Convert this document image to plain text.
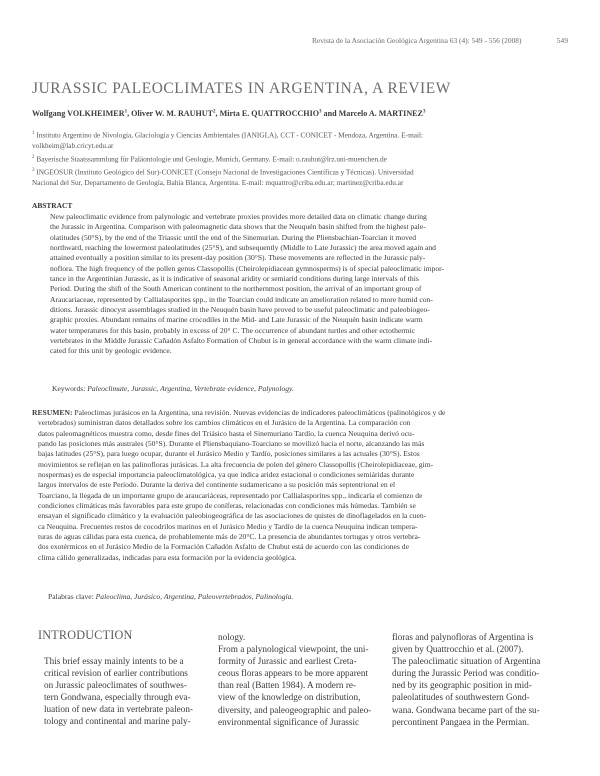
Revista de la Asociación Geológica Argentina 63 (4): 549 - 556 (2008)	549
JURASSIC PALEOCLIMATES IN ARGENTINA, A REVIEW
Wolfgang VOLKHEIMER$^1$, Oliver W. M. RAUHUT$^2$, Mirta E. QUATTROCCHIO$^3$ and Marcelo A. MARTINEZ$^3$
$^1$ Instituto Argentino de Nivología, Glaciología y Ciencias Ambientales (IANIGLA), CCT - CONICET - Mendoza, Argentina. E-mail:
volkheim@lab.cricyt.edu.ar
$^2$ Bayerische Staatssammlung für Paläontologie und Geologie, Munich, Germany. E-mail: o.rauhut@lrz.uni-muenchen.de
$^3$ INGEOSUR (Instituto Geológico del Sur)-CONICET (Consejo Nacional de Investigaciones Científicas y Técnicas). Universidad
Nacional del Sur, Departamento de Geología, Bahía Blanca, Argentina. E-mail: mquattro@criba.edu.ar; martinez@criba.edu.ar
ABSTRACT
New paleoclimatic evidence from palynologic and vertebrate proxies provides more detailed data on climatic change during
the Jurassic in Argentina. Comparison with paleomagnetic data shows that the Neuquén basin shifted from the highest pale-
olatitudes (50°S), by the end of the Triassic until the end of the Sinemurian. During the Pliensbachian-Toarcian it moved
northward, reaching the lowermost paleolatitudes (25°S), and subsequently (Middle to Late Jurassic) the area moved again and
attained eventually a position similar to its present-day position (30°S). These movements are reflected in the Jurassic paly-
noflora. The high frequency of the pollen genus Classopollis (Cheirolepidiacean gymnosperms) is of special paleoclimatic impor-
tance in the Argentinian Jurassic, as it is indicative of seasonal aridity or semiarid conditions during large intervals of this
Period. During the shift of the South American continent to the northernmost position, the arrival of an important group of
Araucariaceae, represented by Callialasporites spp., in the Toarcian could indicate an amelioration related to more humid con-
ditions. Jurassic dinocyst assemblages studied in the Neuquén basin have proved to be useful paleoclimatic and paleobiogeo-
graphic proxies. Abundant remains of marine crocodiles in the Mid- and Late Jurassic of the Neuquén basin indicate warm
water temperatures for this basin, probably in excess of 20° C. The occurrence of abundant turtles and other ectothermic
vertebrates in the Middle Jurassic Cañadón Asfalto Formation of Chubut is in general accordance with the warm climate indi-
cated for this unit by geologic evidence.
Keywords: Paleoclimate, Jurassic, Argentina, Vertebrate evidence, Palynology.
RESUMEN: Paleoclimas jurásicos en la Argentina, una revisión. Nuevas evidencias de indicadores paleoclimáticos (palinológicos y de
vertebrados) suministran datos detallados sobre los cambios climáticos en el Jurásico de la Argentina. La comparación con
datos paleomagnéticos muestra como, desde fines del Triásico hasta el Sinemuriano Tardío, la cuenca Neuquina derivó ocu-
pando las posiciones más australes (50°S). Durante el Pliensbaquiano-Toarciano se movilizó hacia el norte, alcanzando las más
bajas latitudes (25°S), para luego ocupar, durante el Jurásico Medio y Tardío, posiciones similares a las actuales (30°S). Estos
movimientos se reflejan en las palinofloras jurásicas. La alta frecuencia de polen del género Classopollis (Cheirolepidiaceae, gim-
nospermas) es de especial importancia paleoclimatológica, ya que indica aridez estacional o condiciones semiáridas durante
largos intervalos de este Período. Durante la deriva del continente sudamericano a su posición más septentrional en el
Toarciano, la llegada de un importante grupo de araucariáceas, representado por Callialasporites spp., indicaría el comienzo de
condiciones climáticas más favorables para este grupo de coníferas, relacionadas con condiciones más húmedas. También se
ensayan el significado climático y la evaluación paleobiogeográfica de las asociaciones de quistes de dinoflagelados en la cuen-
ca Neuquina. Frecuentes restos de cocodrilos marinos en el Jurásico Medio y Tardío de la cuenca Neuquina indican tempera-
turas de aguas cálidas para esta cuenca, de probablemente más de 20°C. La presencia de abundantes tortugas y otros vertebra-
dos exotérmicos en el Jurásico Medio de la Formación Cañadón Asfalto de Chubut está de acuerdo con las condiciones de
clima cálido generalizadas, indicadas para esta formación por la evidencia geológica.
Palabras clave: Paleoclima, Jurásico, Argentina, Paleovertebrados, Palinología.
INTRODUCTION
This brief essay mainly intents to be a
critical revision of earlier contributions
on Jurassic paleoclimates of southwes-
tern Gondwana, especially through eva-
luation of new data in vertebrate paleon-
tology and continental and marine paly-
nology.
From a palynological viewpoint, the uni-
formity of Jurassic and earliest Creta-
ceous floras appears to be more apparent
than real (Batten 1984). A modern re-
view of the knowledge on distribution,
diversity, and paleogeographic and paleo-
environmental significance of Jurassic
floras and palynofloras of Argentina is
given by Quattrocchio et al. (2007).
The paleoclimatic situation of Argentina
during the Jurassic Period was conditio-
ned by its geographic position in mid-
paleolatitudes of southwestern Gond-
wana. Gondwana became part of the su-
percontinent Pangaea in the Permian.
